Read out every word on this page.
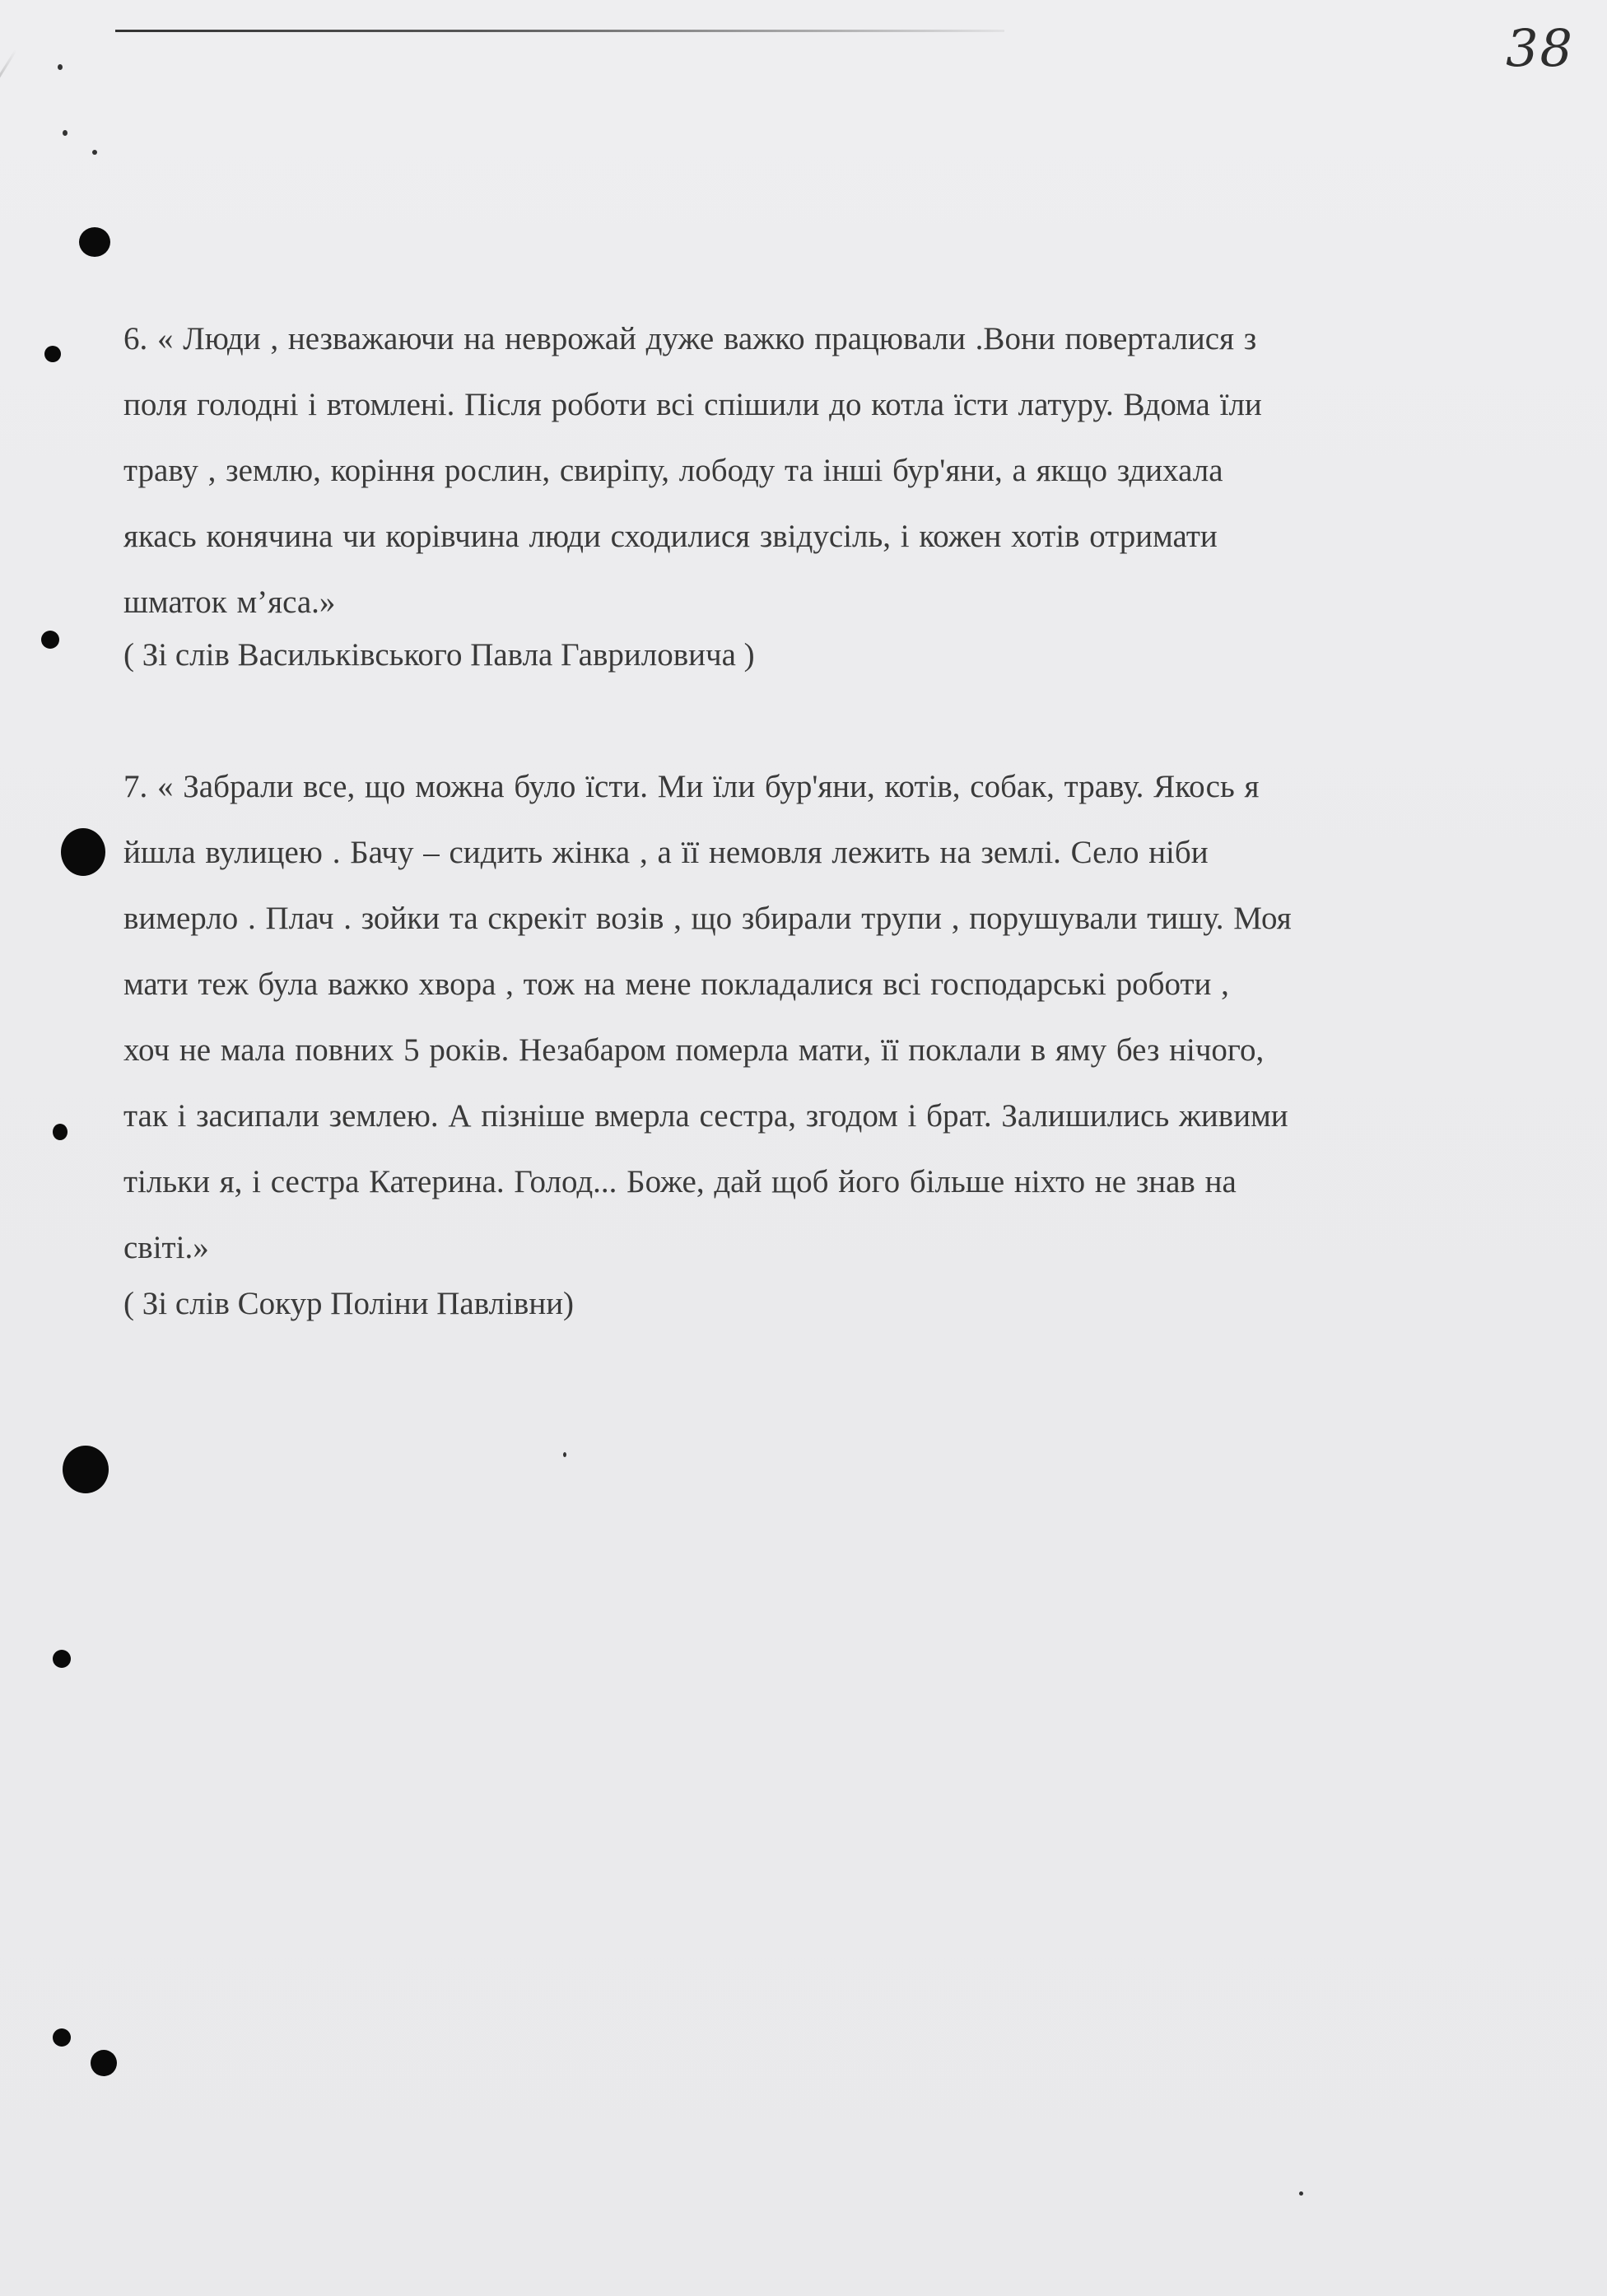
38

6. « Люди , незважаючи на неврожай дуже важко працювали .Вони поверталися з

поля голодні і втомлені. Після роботи всі спішили до котла їсти латуру. Вдома їли

траву , землю, коріння рослин, свиріпу, лободу та інші бур'яни, а якщо здихала

якась конячина чи корівчина люди сходилися звідусіль, і кожен хотів отримати

шматок м’яса.»

( Зі слів Васильківського Павла Гавриловича )

7. « Забрали все, що можна було їсти. Ми їли бур'яни, котів, собак, траву. Якось я

йшла вулицею . Бачу – сидить жінка , а її немовля лежить на землі. Село ніби

вимерло . Плач . зойки та скрекіт возів , що збирали трупи , порушували тишу. Моя

мати теж була важко хвора , тож на мене покладалися всі господарські роботи ,

хоч не мала повних 5 років. Незабаром померла мати, її поклали в яму без нічого,

так і засипали землею. А пізніше вмерла сестра, згодом і брат. Залишились живими

тільки я, і сестра Катерина. Голод... Боже, дай щоб його більше ніхто не знав на

світі.»

( Зі слів Сокур Поліни Павлівни)
